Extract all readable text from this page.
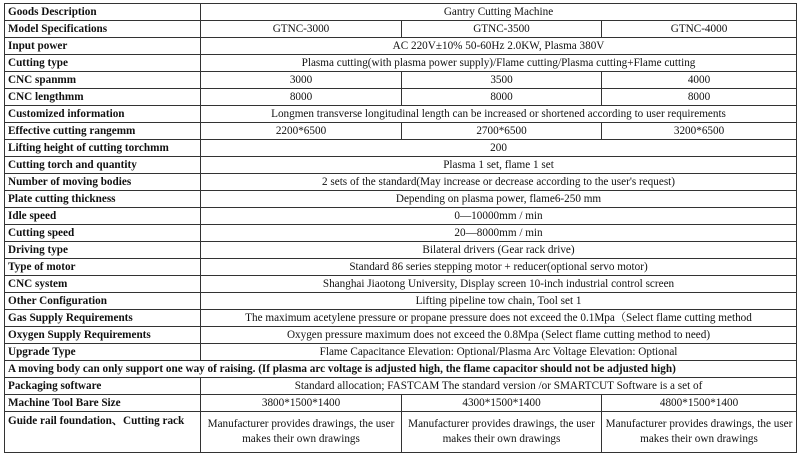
Goods Description	Gantry Cutting Machine		
Model Specifications	GTNC-3000	GTNC-3500	GTNC-4000
Input power	AC 220V±10% 50-60Hz 2.0KW, Plasma 380V		
Cutting type	Plasma cutting(with plasma power supply)/Flame cutting/Plasma cutting+Flame cutting		
CNC spanmm	3000	3500	4000
CNC lengthmm	8000	8000	8000
Customized information	Longmen transverse longitudinal length can be increased or shortened according to user requirements		
Effective cutting rangemm	2200*6500	2700*6500	3200*6500
Lifting height of cutting torchmm	200		
Cutting torch and quantity	Plasma 1 set, flame 1 set		
Number of moving bodies	2 sets of the standard(May increase or decrease according to the user's request)		
Plate cutting thickness	Depending on plasma power, flame6-250 mm		
Idle speed	0—10000mm / min		
Cutting speed	20—8000mm / min		
Driving type	Bilateral drivers (Gear rack drive)		
Type of motor	Standard 86 series stepping motor + reducer(optional servo motor)		
CNC system	Shanghai Jiaotong University, Display screen 10-inch industrial control screen		
Other Configuration	Lifting pipeline tow chain, Tool set 1		
Gas Supply Requirements	The maximum acetylene pressure or propane pressure does not exceed the 0.1Mpa（Select flame cutting method		
Oxygen Supply Requirements	Oxygen pressure maximum does not exceed the 0.8Mpa (Select flame cutting method to need)		
Upgrade Type	Flame Capacitance Elevation: Optional/Plasma Arc Voltage Elevation: Optional		
A moving body can only support one way of raising. (If plasma arc voltage is adjusted high, the flame capacitor should not be adjusted high)			
Packaging software	Standard allocation; FASTCAM The standard version /or SMARTCUT Software is a set of		
Machine Tool Bare Size	3800*1500*1400	4300*1500*1400	4800*1500*1400
Guide rail foundation、Cutting rack	Manufacturer provides drawings, the user makes their own drawings	Manufacturer provides drawings, the user makes their own drawings	Manufacturer provides drawings, the user makes their own drawings
